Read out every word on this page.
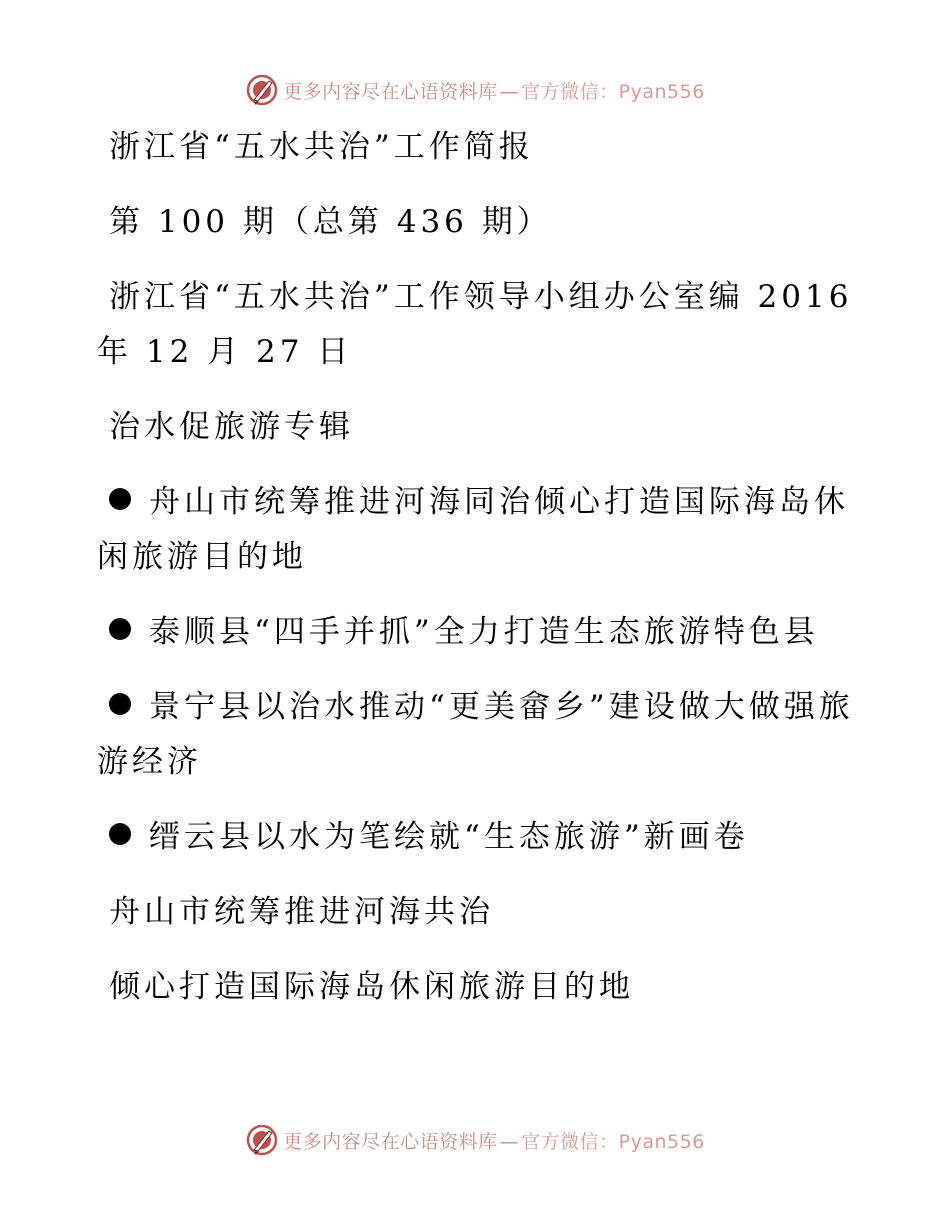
更多内容尽在心语资料库 — 官方微信：Pyan556

浙江省“五水共治”工作简报

第 100 期（总第 436 期）

浙江省“五水共治”工作领导小组办公室编 2016 年 12 月 27 日

治水促旅游专辑

舟山市统筹推进河海同治倾心打造国际海岛休闲旅游目的地

泰顺县“四手并抓”全力打造生态旅游特色县

景宁县以治水推动“更美畲乡”建设做大做强旅游经济

缙云县以水为笔绘就“生态旅游”新画卷

舟山市统筹推进河海共治

倾心打造国际海岛休闲旅游目的地

更多内容尽在心语资料库 — 官方微信：Pyan556
